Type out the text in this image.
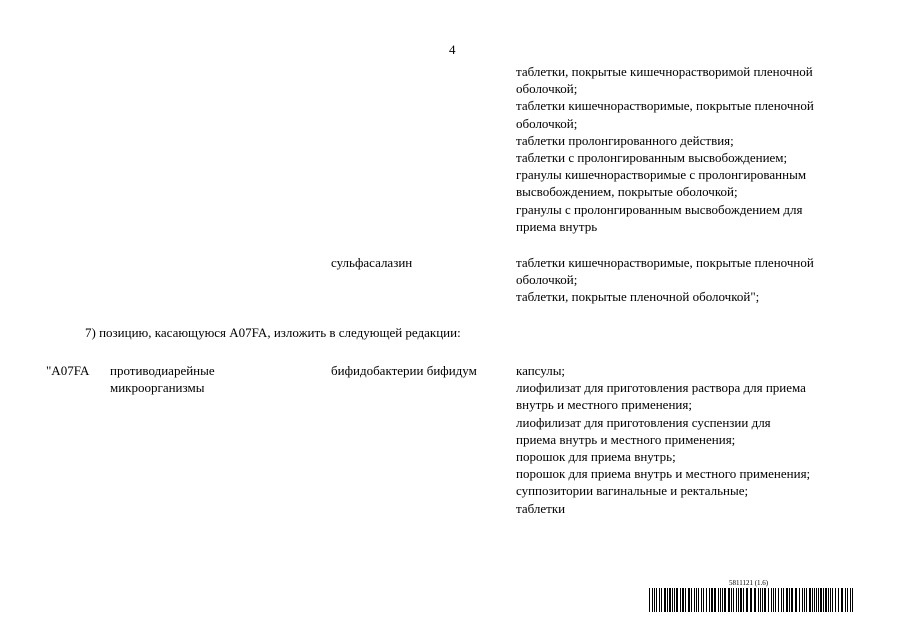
4
таблетки, покрытые кишечнорастворимой пленочной
оболочкой;
таблетки кишечнорастворимые, покрытые пленочной
оболочкой;
таблетки пролонгированного действия;
таблетки с пролонгированным высвобождением;
гранулы кишечнорастворимые с пролонгированным
высвобождением, покрытые оболочкой;
гранулы с пролонгированным высвобождением для
приема внутрь
сульфасалазин	таблетки кишечнорастворимые, покрытые пленочной
оболочкой;
таблетки, покрытые пленочной оболочкой";
7) позицию, касающуюся A07FA, изложить в следующей редакции:
"A07FA противодиарейные
микроорганизмы
бифидобактерии бифидум	капсулы;
лиофилизат для приготовления раствора для приема
внутрь и местного применения;
лиофилизат для приготовления суспензии для
приема внутрь и местного применения;
порошок для приема внутрь;
порошок для приема внутрь и местного применения;
суппозитории вагинальные и ректальные;
таблетки
5811121 (1.6)
